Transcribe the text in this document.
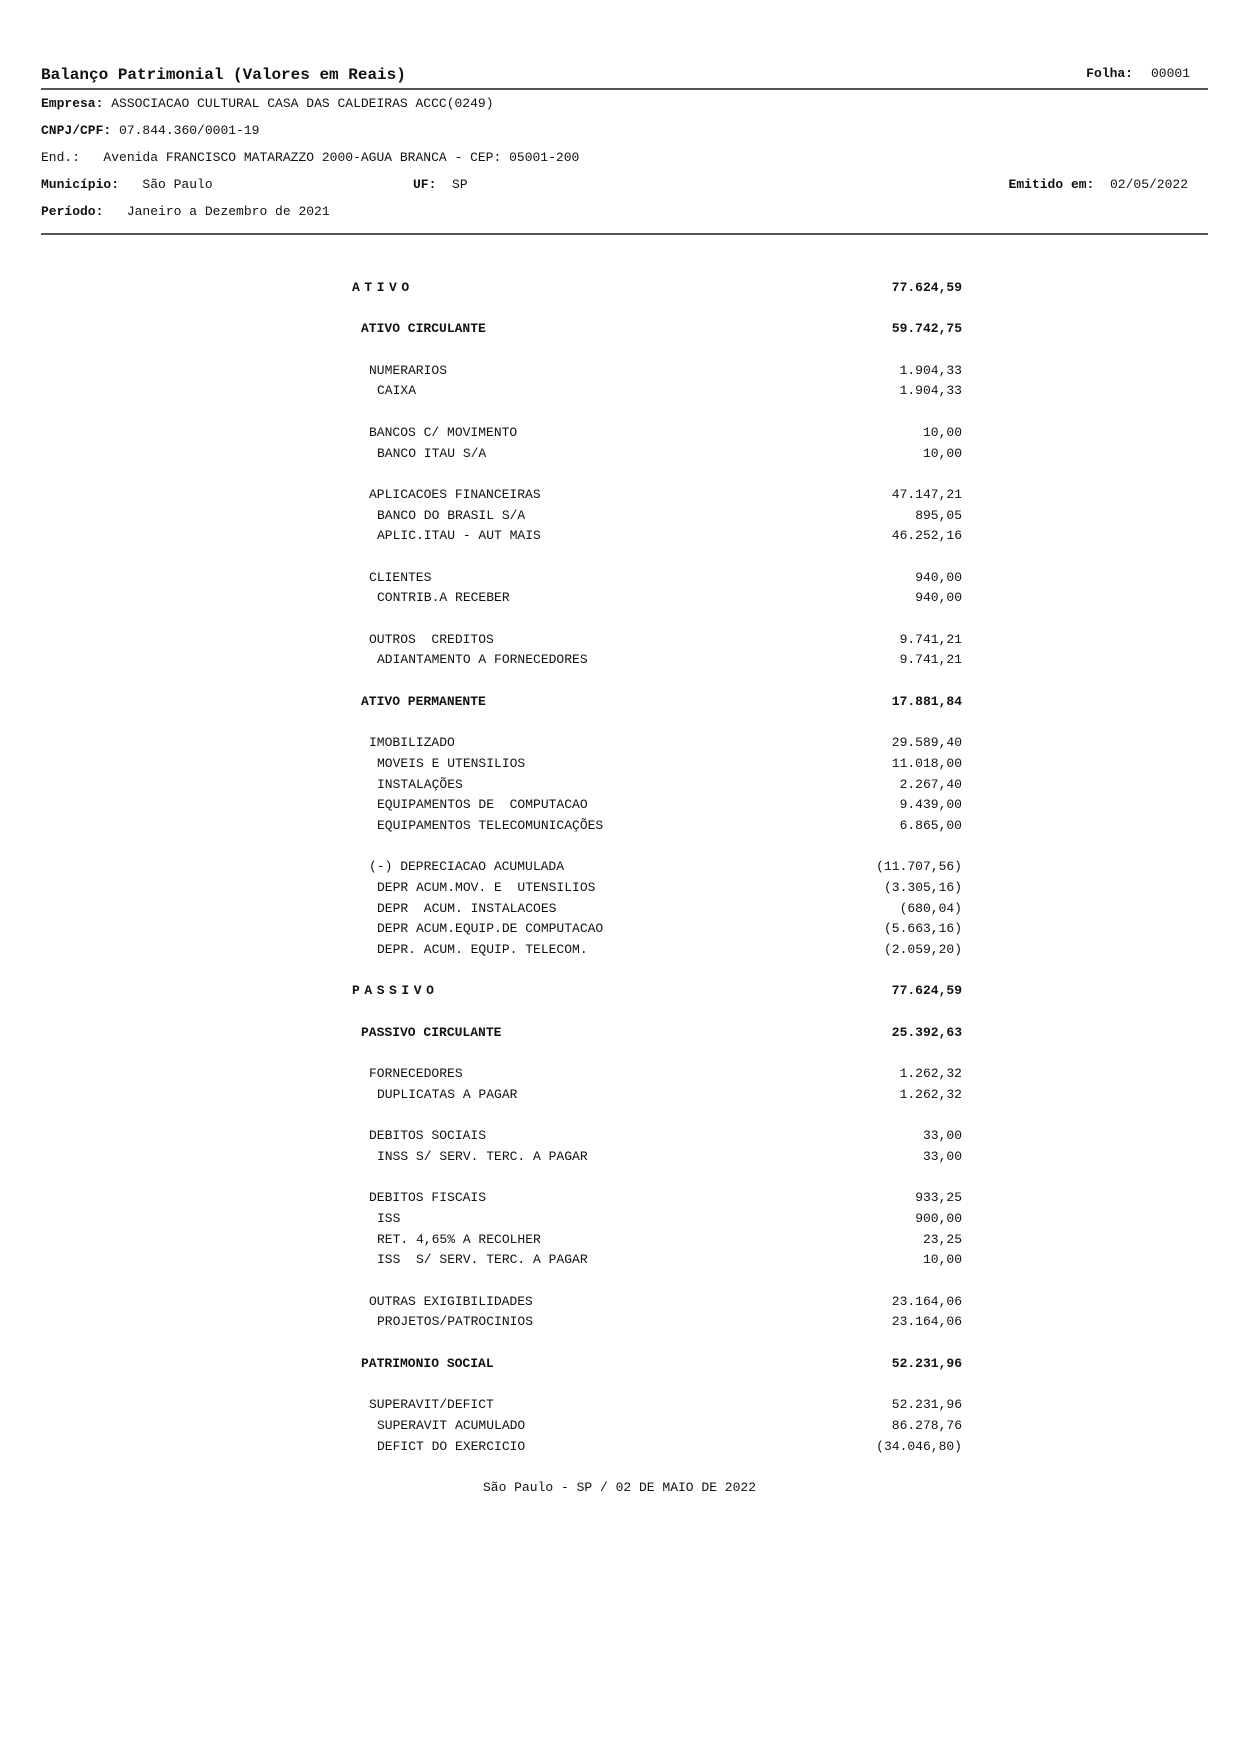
Balanço Patrimonial (Valores em Reais)	Folha: 00001
Empresa: ASSOCIACAO CULTURAL CASA DAS CALDEIRAS ACCC(0249)
CNPJ/CPF: 07.844.360/0001-19
End.: Avenida FRANCISCO MATARAZZO 2000-AGUA BRANCA - CEP: 05001-200
Município: São Paulo	UF: SP	Emitido em: 02/05/2022
Período: Janeiro a Dezembro de 2021
ATIVO	77.624,59
ATIVO CIRCULANTE	59.742,75
NUMERARIOS	1.904,33
CAIXA	1.904,33
BANCOS C/ MOVIMENTO	10,00
BANCO ITAU S/A	10,00
APLICACOES FINANCEIRAS	47.147,21
BANCO DO BRASIL S/A	895,05
APLIC.ITAU - AUT MAIS	46.252,16
CLIENTES	940,00
CONTRIB.A RECEBER	940,00
OUTROS  CREDITOS	9.741,21
ADIANTAMENTO A FORNECEDORES	9.741,21
ATIVO PERMANENTE	17.881,84
IMOBILIZADO	29.589,40
MOVEIS E UTENSILIOS	11.018,00
INSTALAÇÕES	2.267,40
EQUIPAMENTOS DE  COMPUTACAO	9.439,00
EQUIPAMENTOS TELECOMUNICAÇÕES	6.865,00
(-) DEPRECIACAO ACUMULADA	(11.707,56)
DEPR ACUM.MOV. E  UTENSILIOS	(3.305,16)
DEPR  ACUM. INSTALACOES	(680,04)
DEPR ACUM.EQUIP.DE COMPUTACAO	(5.663,16)
DEPR. ACUM. EQUIP. TELECOM.	(2.059,20)
PASSIVO	77.624,59
PASSIVO CIRCULANTE	25.392,63
FORNECEDORES	1.262,32
DUPLICATAS A PAGAR	1.262,32
DEBITOS SOCIAIS	33,00
INSS S/ SERV. TERC. A PAGAR	33,00
DEBITOS FISCAIS	933,25
ISS	900,00
RET. 4,65% A RECOLHER	23,25
ISS  S/ SERV. TERC. A PAGAR	10,00
OUTRAS EXIGIBILIDADES	23.164,06
PROJETOS/PATROCINIOS	23.164,06
PATRIMONIO SOCIAL	52.231,96
SUPERAVIT/DEFICT	52.231,96
SUPERAVIT ACUMULADO	86.278,76
DEFICT DO EXERCICIO	(34.046,80)
São Paulo - SP / 02 DE MAIO DE 2022
